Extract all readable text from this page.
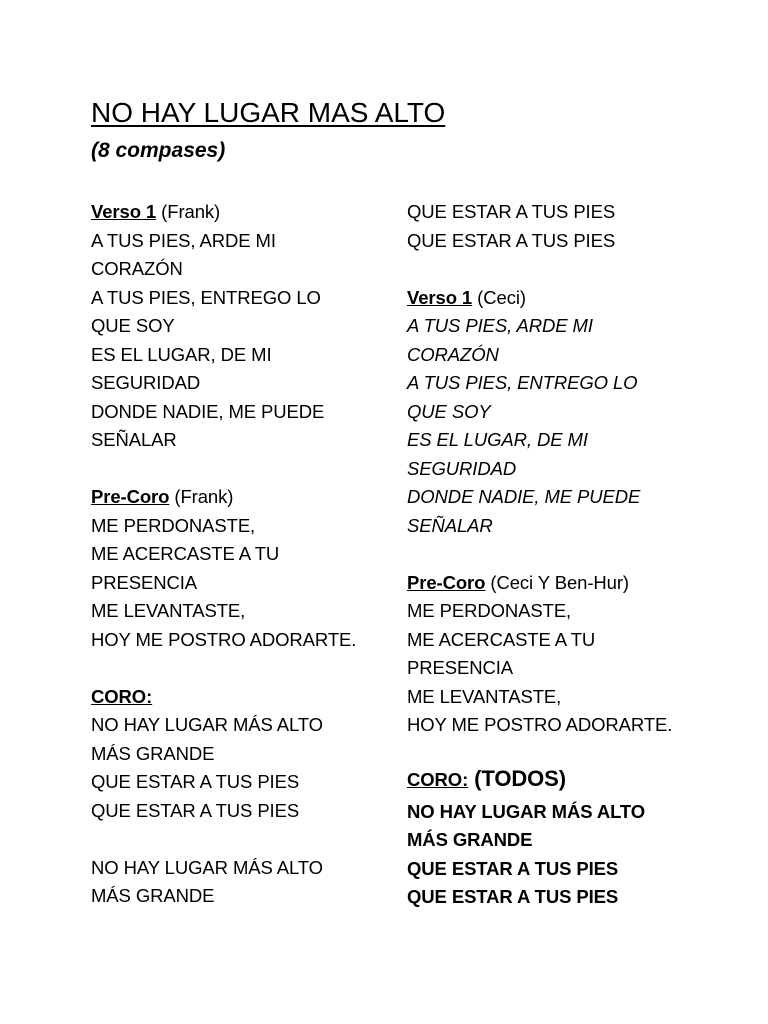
NO HAY LUGAR MAS ALTO
(8 compases)
Verso 1 (Frank)
A TUS PIES, ARDE MI
CORAZÓN
A TUS PIES, ENTREGO LO
QUE SOY
ES EL LUGAR, DE MI
SEGURIDAD
DONDE NADIE, ME PUEDE
SEÑALAR
Pre-Coro (Frank)
ME PERDONASTE,
ME ACERCASTE A TU
PRESENCIA
ME LEVANTASTE,
HOY ME POSTRO ADORARTE.
CORO:
NO HAY LUGAR MÁS ALTO
MÁS GRANDE
QUE ESTAR A TUS PIES
QUE ESTAR A TUS PIES
NO HAY LUGAR MÁS ALTO
MÁS GRANDE
QUE ESTAR A TUS PIES
QUE ESTAR A TUS PIES
Verso 1 (Ceci)
A TUS PIES, ARDE MI
CORAZÓN
A TUS PIES, ENTREGO LO
QUE SOY
ES EL LUGAR, DE MI
SEGURIDAD
DONDE NADIE, ME PUEDE
SEÑALAR
Pre-Coro (Ceci Y Ben-Hur)
ME PERDONASTE,
ME ACERCASTE A TU
PRESENCIA
ME LEVANTASTE,
HOY ME POSTRO ADORARTE.
CORO: (TODOS)
NO HAY LUGAR MÁS ALTO
MÁS GRANDE
QUE ESTAR A TUS PIES
QUE ESTAR A TUS PIES
